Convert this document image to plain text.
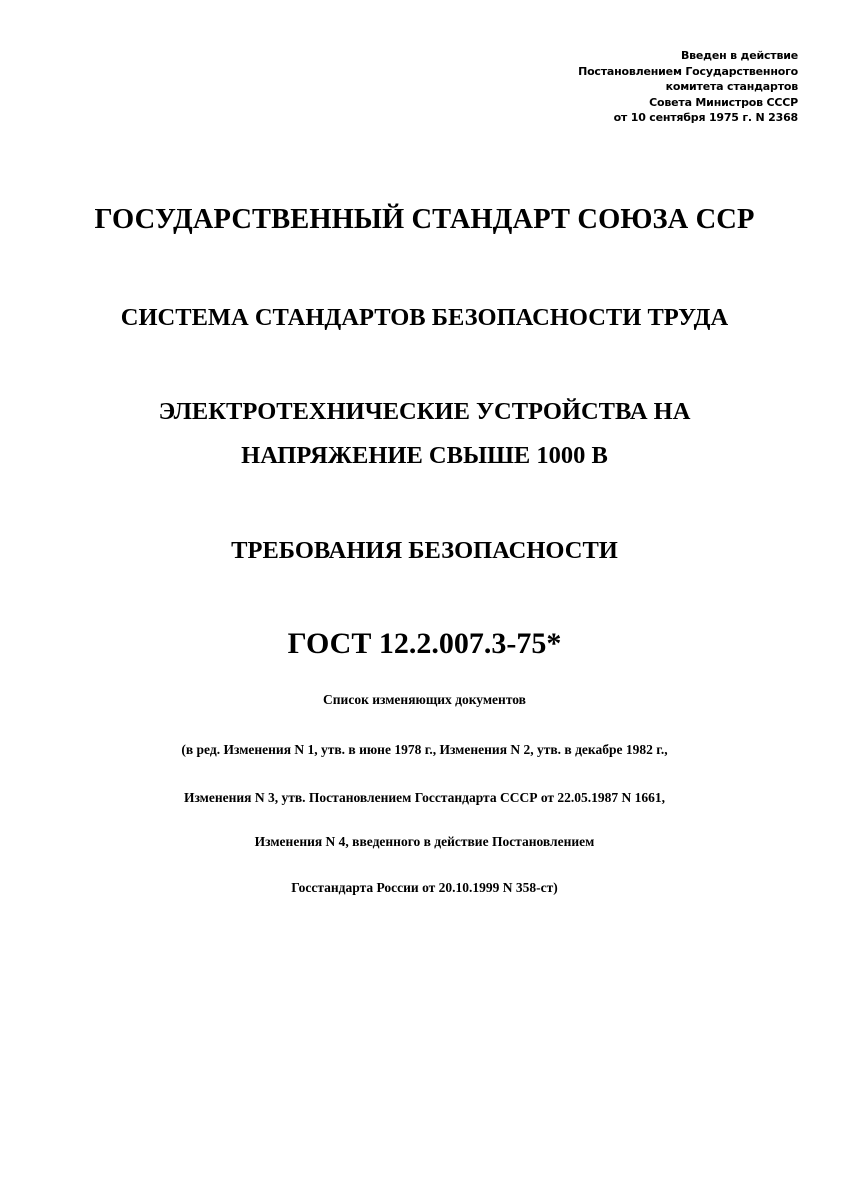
Введен в действие
Постановлением Государственного
комитета стандартов
Совета Министров СССР
от 10 сентября 1975 г. N 2368
ГОСУДАРСТВЕННЫЙ СТАНДАРТ СОЮЗА ССР
СИСТЕМА СТАНДАРТОВ БЕЗОПАСНОСТИ ТРУДА
ЭЛЕКТРОТЕХНИЧЕСКИЕ УСТРОЙСТВА НА
НАПРЯЖЕНИЕ СВЫШЕ 1000 В
ТРЕБОВАНИЯ БЕЗОПАСНОСТИ
ГОСТ 12.2.007.3-75*
Список изменяющих документов
(в ред. Изменения N 1, утв. в июне 1978 г., Изменения N 2, утв. в декабре 1982 г.,
Изменения N 3, утв. Постановлением Госстандарта СССР от 22.05.1987 N 1661,
Изменения N 4, введенного в действие Постановлением
Госстандарта России от 20.10.1999 N 358-ст)
